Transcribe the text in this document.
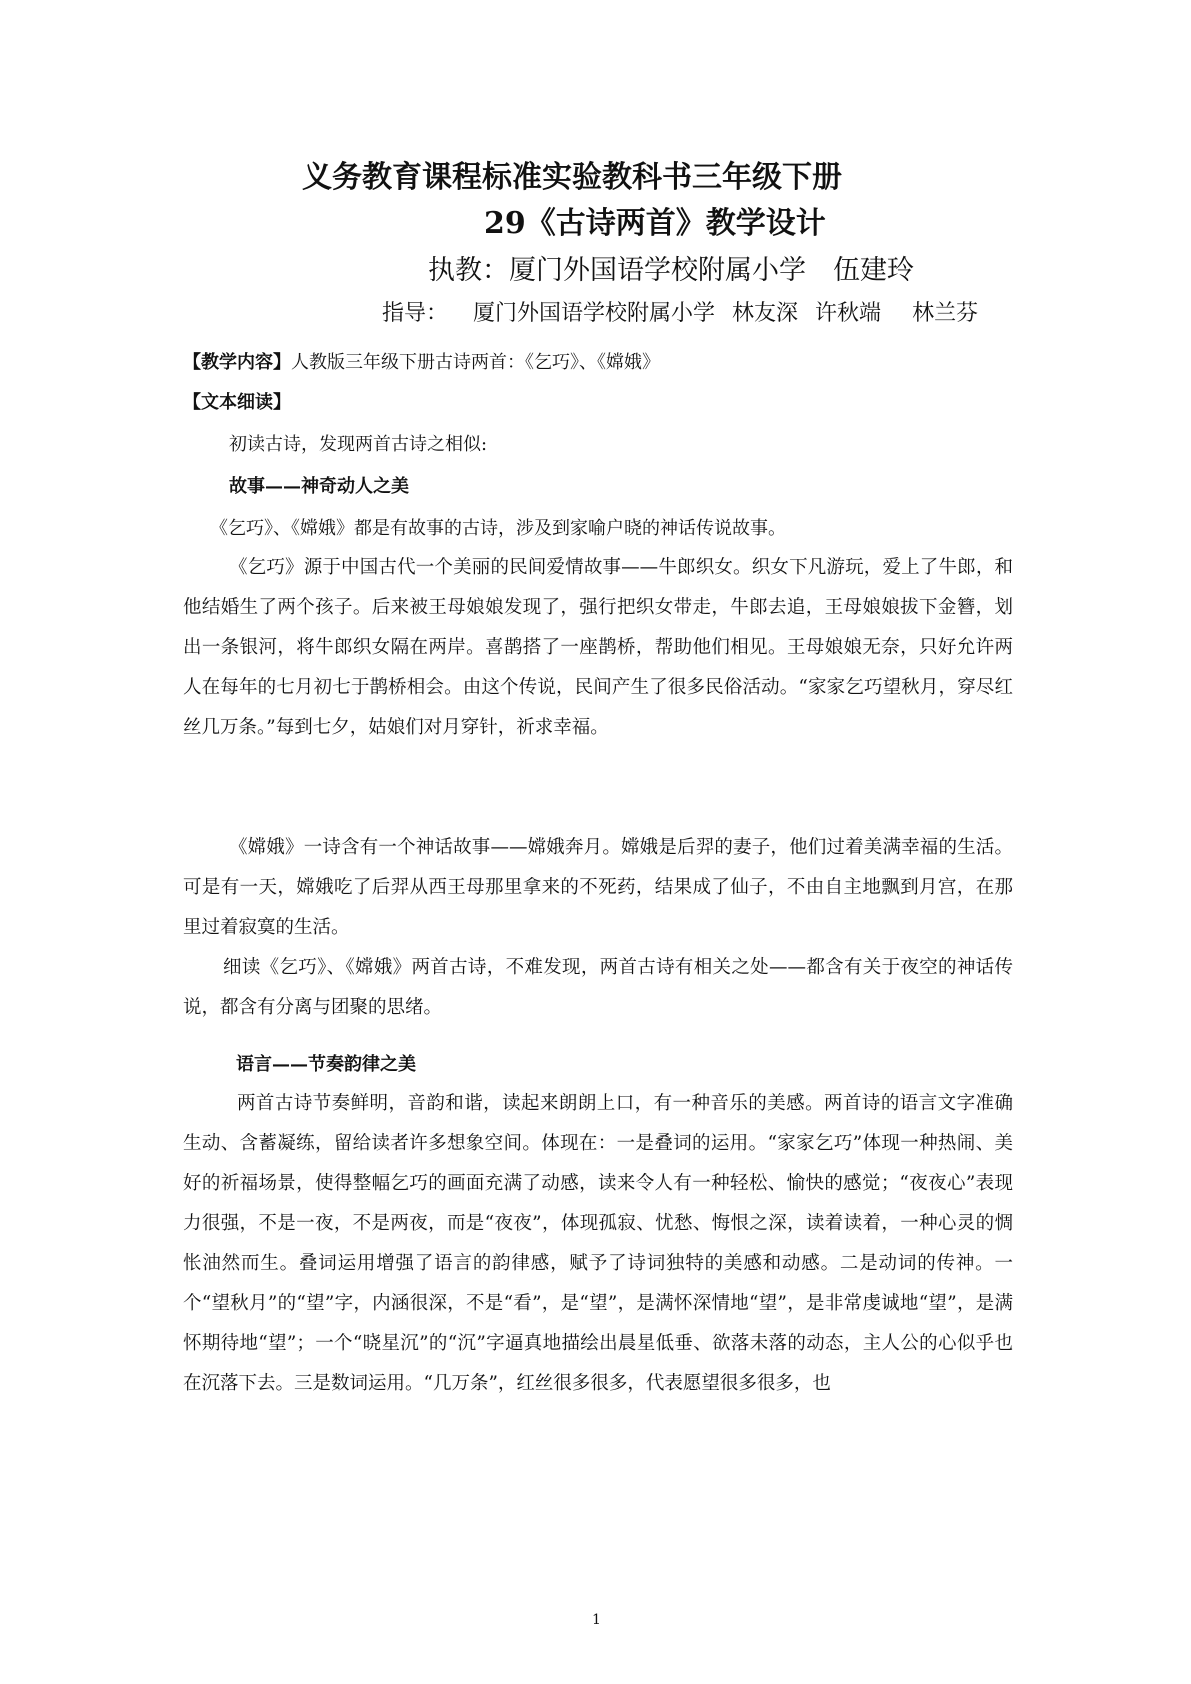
义务教育课程标准实验教科书三年级下册
29《古诗两首》教学设计
执教：厦门外国语学校附属小学　伍建玲
指导： 厦门外国语学校附属小学 林友深 许秋端 林兰芬
【教学内容】人教版三年级下册古诗两首：《乞巧》、《嫦娥》
【文本细读】
初读古诗，发现两首古诗之相似:
故事——神奇动人之美
《乞巧》、《嫦娥》都是有故事的古诗，涉及到家喻户晓的神话传说故事。

《乞巧》源于中国古代一个美丽的民间爱情故事——牛郎织女。织女下凡游玩，爱上了牛郎，和他结婚生了两个孩子。后来被王母娘娘发现了，强行把织女带走，牛郎去追，王母娘娘拔下金簪，划出一条银河，将牛郎织女隔在两岸。喜鹊搭了一座鹊桥，帮助他们相见。王母娘娘无奈，只好允许两人在每年的七月初七于鹊桥相会。由这个传说，民间产生了很多民俗活动。“家家乞巧望秋月，穿尽红丝几万条。”每到七夕，姑娘们对月穿针，祈求幸福。

《嫦娥》一诗含有一个神话故事——嫦娥奔月。嫦娥是后羿的妻子，他们过着美满幸福的生活。可是有一天，嫦娥吃了后羿从西王母那里拿来的不死药，结果成了仙子，不由自主地飘到月宫，在那里过着寂寞的生活。

细读《乞巧》、《嫦娥》两首古诗，不难发现，两首古诗有相关之处——都含有关于夜空的神话传说，都含有分离与团聚的思绪。

语言——节奏韵律之美

两首古诗节奏鲜明，音韵和谐，读起来朗朗上口，有一种音乐的美感。两首诗的语言文字准确生动、含蓄凝练，留给读者许多想象空间。体现在：一是叠词的运用。“家家乞巧”体现一种热闹、美好的祈福场景，使得整幅乞巧的画面充满了动感，读来令人有一种轻松、愉快的感觉；“夜夜心”表现力很强，不是一夜，不是两夜，而是“夜夜”，体现孤寂、忧愁、悔恨之深，读着读着，一种心灵的惆怅油然而生。叠词运用增强了语言的韵律感，赋予了诗词独特的美感和动感。二是动词的传神。一个“望秋月”的“望”字，内涵很深，不是“看”，是“望”，是满怀深情地“望”，是非常虔诚地“望”，是满怀期待地“望”；一个“晓星沉”的“沉”字逼真地描绘出晨星低垂、欲落未落的动态，主人公的心似乎也在沉落下去。三是数词运用。“几万条”，红丝很多很多，代表愿望很多很多，也

1
